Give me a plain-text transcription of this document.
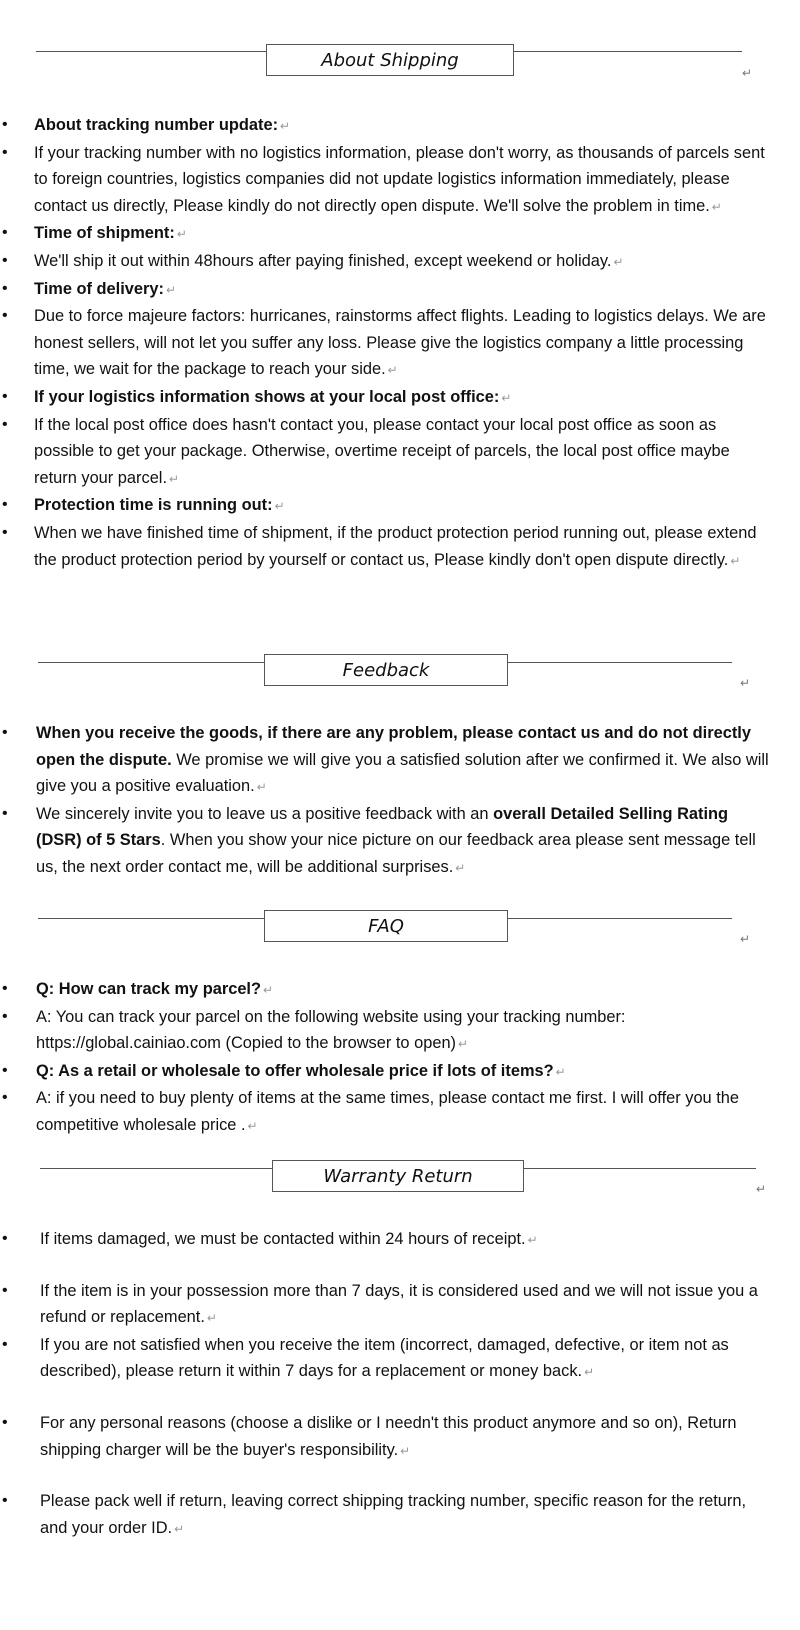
About Shipping
↵
• About tracking number update: ↵
• If your tracking number with no logistics information, please don't worry, as thousands of parcels sent to foreign countries, logistics companies did not update logistics information immediately, please contact us directly, Please kindly do not directly open dispute. We'll solve the problem in time. ↵
• Time of shipment: ↵
• We'll ship it out within 48hours after paying finished, except weekend or holiday. ↵
• Time of delivery: ↵
• Due to force majeure factors: hurricanes, rainstorms affect flights. Leading to logistics delays. We are honest sellers, will not let you suffer any loss. Please give the logistics company a little processing time, we wait for the package to reach your side. ↵
• If your logistics information shows at your local post office: ↵
• If the local post office does hasn't contact you, please contact your local post office as soon as possible to get your package. Otherwise, overtime receipt of parcels, the local post office maybe return your parcel. ↵
• Protection time is running out: ↵
• When we have finished time of shipment, if the product protection period running out, please extend the product protection period by yourself or contact us, Please kindly don't open dispute directly. ↵
Feedback
↵
• When you receive the goods, if there are any problem, please contact us and do not directly open the dispute. We promise we will give you a satisfied solution after we confirmed it. We also will give you a positive evaluation. ↵
• We sincerely invite you to leave us a positive feedback with an overall Detailed Selling Rating (DSR) of 5 Stars. When you show your nice picture on our feedback area please sent message tell us, the next order contact me, will be additional surprises. ↵
FAQ
↵
• Q: How can track my parcel? ↵
• A: You can track your parcel on the following website using your tracking number: https://global.cainiao.com (Copied to the browser to open) ↵
• Q: As a retail or wholesale to offer wholesale price if lots of items? ↵
• A: if you need to buy plenty of items at the same times, please contact me first. I will offer you the competitive wholesale price . ↵
Warranty Return
↵
• If items damaged, we must be contacted within 24 hours of receipt. ↵
• If the item is in your possession more than 7 days, it is considered used and we will not issue you a refund or replacement. ↵
• If you are not satisfied when you receive the item (incorrect, damaged, defective, or item not as described), please return it within 7 days for a replacement or money back. ↵
• For any personal reasons (choose a dislike or I needn't this product anymore and so on), Return shipping charger will be the buyer's responsibility. ↵
• Please pack well if return, leaving correct shipping tracking number, specific reason for the return, and your order ID. ↵
